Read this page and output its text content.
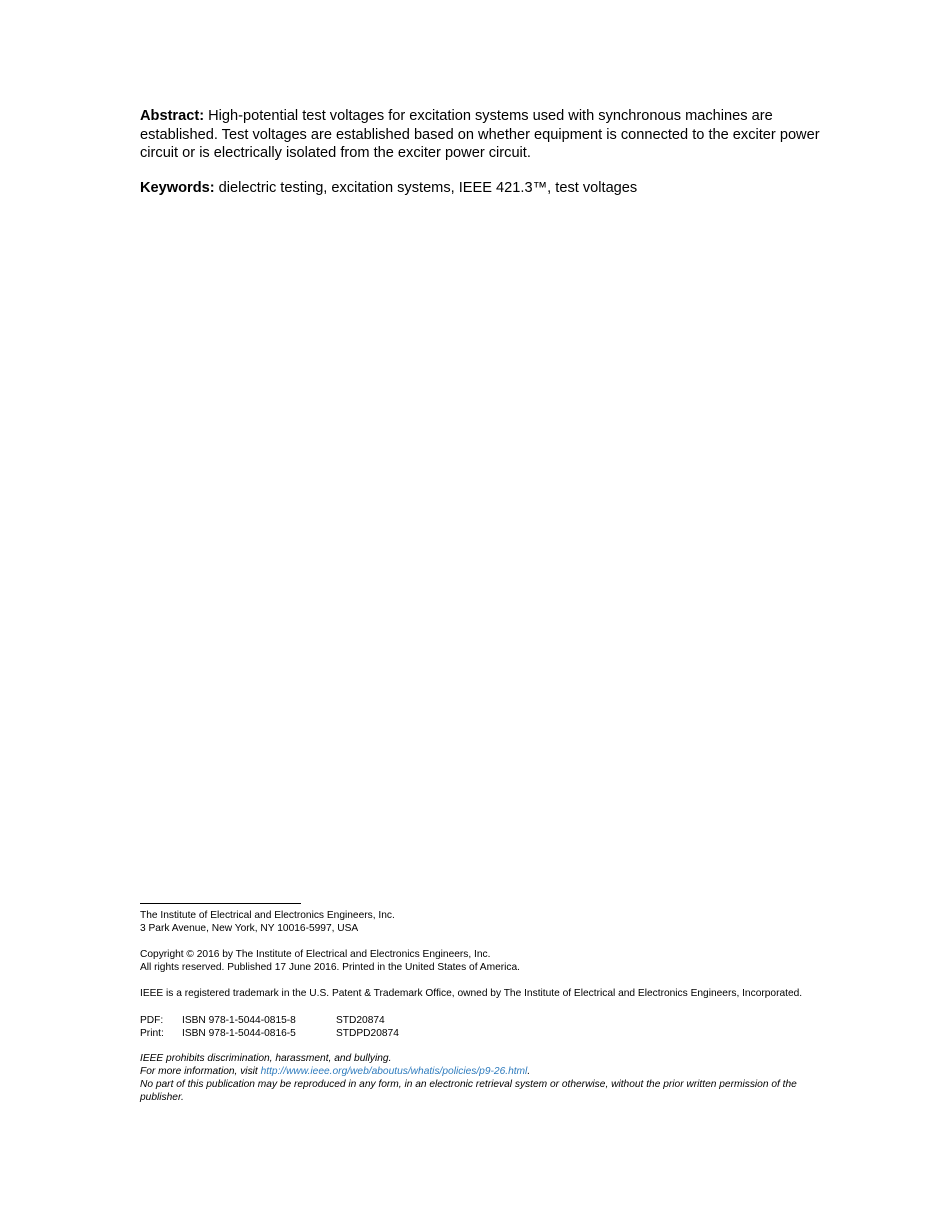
Abstract: High-potential test voltages for excitation systems used with synchronous machines are established. Test voltages are established based on whether equipment is connected to the exciter power circuit or is electrically isolated from the exciter power circuit.

Keywords: dielectric testing, excitation systems, IEEE 421.3™, test voltages

The Institute of Electrical and Electronics Engineers, Inc.
3 Park Avenue, New York, NY 10016-5997, USA
Copyright © 2016 by The Institute of Electrical and Electronics Engineers, Inc.
All rights reserved. Published 17 June 2016. Printed in the United States of America.
IEEE is a registered trademark in the U.S. Patent & Trademark Office, owned by The Institute of Electrical and Electronics Engineers, Incorporated.
PDF:	ISBN 978-1-5044-0815-8	STD20874
Print:	ISBN 978-1-5044-0816-5	STDPD20874
IEEE prohibits discrimination, harassment, and bullying.
For more information, visit http://www.ieee.org/web/aboutus/whatis/policies/p9-26.html.
No part of this publication may be reproduced in any form, in an electronic retrieval system or otherwise, without the prior written permission of the publisher.
